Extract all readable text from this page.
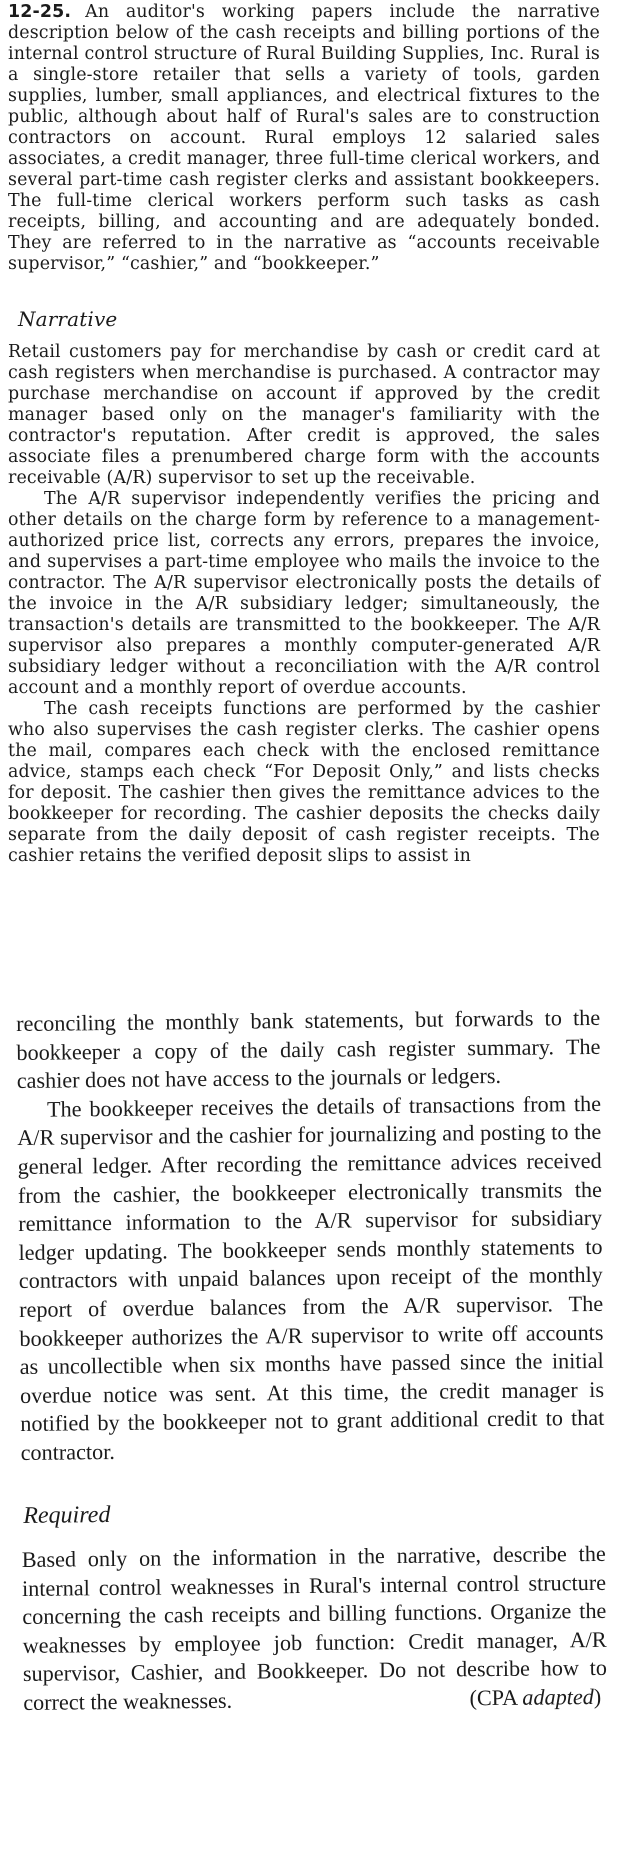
12-25. An auditor's working papers include the narrative description below of the cash receipts and billing portions of the internal control structure of Rural Building Supplies, Inc. Rural is a single-store retailer that sells a variety of tools, garden supplies, lumber, small appliances, and electrical fixtures to the public, although about half of Rural's sales are to construction contractors on account. Rural employs 12 salaried sales associates, a credit manager, three full-time clerical workers, and several part-time cash register clerks and assistant bookkeepers. The full-time clerical workers perform such tasks as cash receipts, billing, and accounting and are adequately bonded. They are referred to in the narrative as “accounts receivable supervisor,” “cashier,” and “bookkeeper.”

Narrative

Retail customers pay for merchandise by cash or credit card at cash registers when merchandise is purchased. A contractor may purchase merchandise on account if approved by the credit manager based only on the manager's familiarity with the contractor's reputation. After credit is approved, the sales associate files a prenumbered charge form with the accounts receivable (A/R) supervisor to set up the receivable.

The A/R supervisor independently verifies the pricing and other details on the charge form by reference to a management-authorized price list, corrects any errors, prepares the invoice, and supervises a part-time employee who mails the invoice to the contractor. The A/R supervisor electronically posts the details of the invoice in the A/R subsidiary ledger; simultaneously, the transaction's details are transmitted to the bookkeeper. The A/R supervisor also prepares a monthly computer-generated A/R subsidiary ledger without a reconciliation with the A/R control account and a monthly report of overdue accounts.

The cash receipts functions are performed by the cashier who also supervises the cash register clerks. The cashier opens the mail, compares each check with the enclosed remittance advice, stamps each check “For Deposit Only,” and lists checks for deposit. The cashier then gives the remittance advices to the bookkeeper for recording. The cashier deposits the checks daily separate from the daily deposit of cash register receipts. The cashier retains the verified deposit slips to assist in

reconciling the monthly bank statements, but forwards to the bookkeeper a copy of the daily cash register summary. The cashier does not have access to the journals or ledgers.

The bookkeeper receives the details of transactions from the A/R supervisor and the cashier for journalizing and posting to the general ledger. After recording the remittance advices received from the cashier, the bookkeeper electronically transmits the remittance information to the A/R supervisor for subsidiary ledger updating. The bookkeeper sends monthly statements to contractors with unpaid balances upon receipt of the monthly report of overdue balances from the A/R supervisor. The bookkeeper authorizes the A/R supervisor to write off accounts as uncollectible when six months have passed since the initial overdue notice was sent. At this time, the credit manager is notified by the bookkeeper not to grant additional credit to that contractor.

Required

Based only on the information in the narrative, describe the internal control weaknesses in Rural's internal control structure concerning the cash receipts and billing functions. Organize the weaknesses by employee job function: Credit manager, A/R supervisor, Cashier, and Bookkeeper. Do not describe how to correct the weaknesses.	(CPA adapted)
